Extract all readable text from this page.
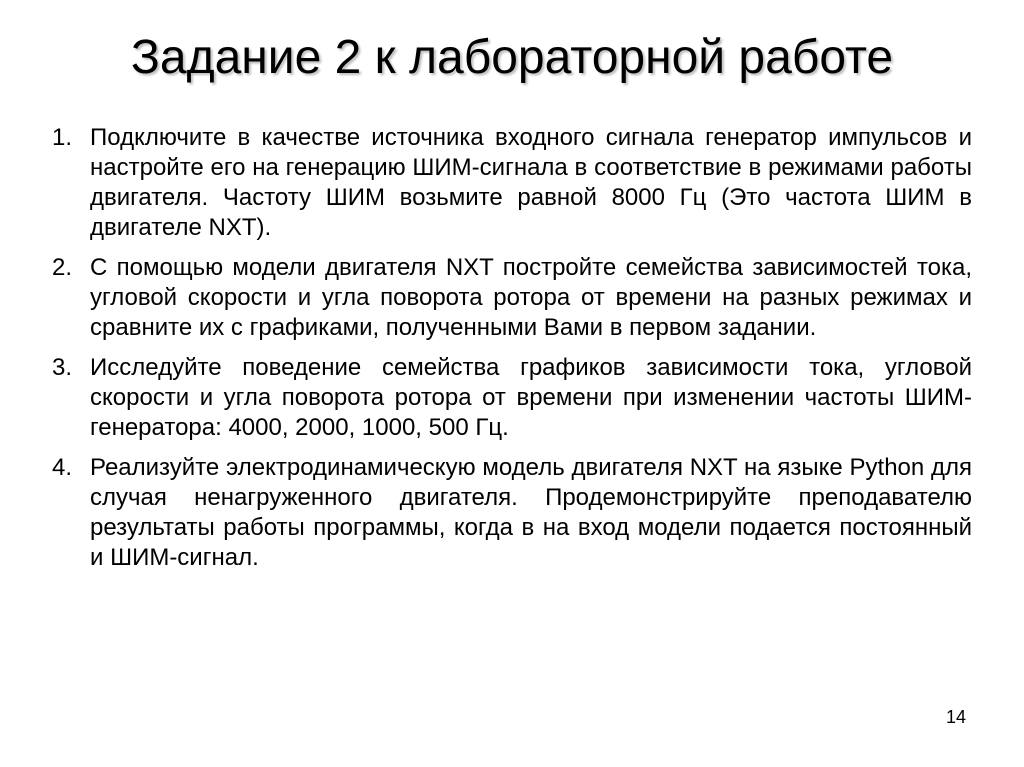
Задание 2 к лабораторной работе
1. Подключите в качестве источника входного сигнала генератор импульсов и настройте его на генерацию ШИМ-сигнала в соответствие в режимами работы двигателя. Частоту ШИМ возьмите равной 8000 Гц (Это частота ШИМ в двигателе NXT).
2. С помощью модели двигателя NXT постройте семейства зависимостей тока, угловой скорости и угла поворота ротора от времени на разных режимах и сравните их с графиками, полученными Вами в первом задании.
3. Исследуйте поведение семейства графиков зависимости тока, угловой скорости и угла поворота ротора от времени при изменении частоты ШИМ-генератора: 4000, 2000, 1000, 500 Гц.
4. Реализуйте электродинамическую модель двигателя NXT на языке Python для случая ненагруженного двигателя. Продемонстрируйте преподавателю результаты работы программы, когда в на вход модели подается постоянный и ШИМ-сигнал.
14
